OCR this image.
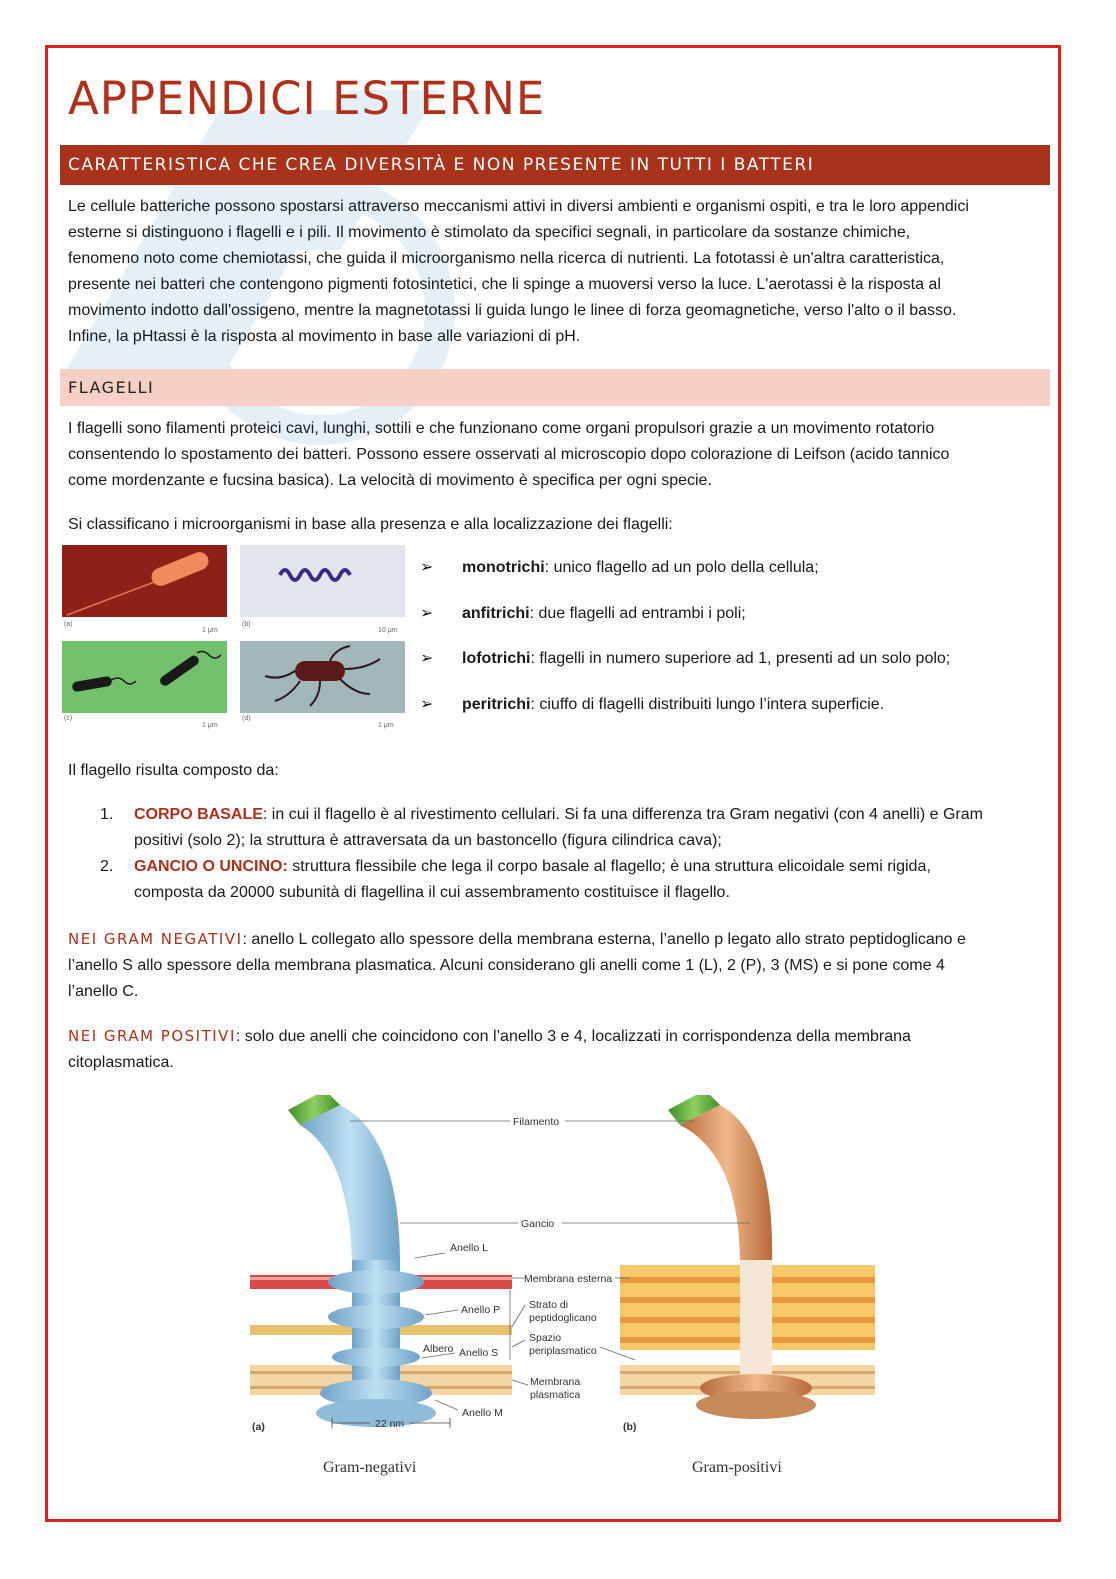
APPENDICI ESTERNE
CARATTERISTICA CHE CREA DIVERSITÀ E NON PRESENTE IN TUTTI I BATTERI

Le cellule batteriche possono spostarsi attraverso meccanismi attivi in diversi ambienti e organismi ospiti, e tra le loro appendici

esterne si distinguono i flagelli e i pili. Il movimento è stimolato da specifici segnali, in particolare da sostanze chimiche,

fenomeno noto come chemiotassi, che guida il microorganismo nella ricerca di nutrienti. La fototassi è un'altra caratteristica,

presente nei batteri che contengono pigmenti fotosintetici, che li spinge a muoversi verso la luce. L'aerotassi è la risposta al

movimento indotto dall'ossigeno, mentre la magnetotassi li guida lungo le linee di forza geomagnetiche, verso l'alto o il basso.

Infine, la pHtassi è la risposta al movimento in base alle variazioni di pH.

FLAGELLI

I flagelli sono filamenti proteici cavi, lunghi, sottili e che funzionano come organi propulsori grazie a un movimento rotatorio

consentendo lo spostamento dei batteri. Possono essere osservati al microscopio dopo colorazione di Leifson (acido tannico

come mordenzante e fucsina basica). La velocità di movimento è specifica per ogni specie.

Si classificano i microorganismi in base alla presenza e alla localizzazione dei flagelli:

(a)
1 μm
(b)
10 μm
(c)
1 μm
(d)
1 μm
➢ monotrichi: unico flagello ad un polo della cellula;
➢ anfitrichi: due flagelli ad entrambi i poli;
➢ lofotrichi: flagelli in numero superiore ad 1, presenti ad un solo polo;
➢ peritrichi: ciuffo di flagelli distribuiti lungo l’intera superficie.

Il flagello risulta composto da:

1. CORPO BASALE: in cui il flagello è al rivestimento cellulari. Si fa una differenza tra Gram negativi (con 4 anelli) e Gram
positivi (solo 2); la struttura è attraversata da un bastoncello (figura cilindrica cava);
2. GANCIO O UNCINO: struttura flessibile che lega il corpo basale al flagello; è una struttura elicoidale semi rigida,
composta da 20000 subunità di flagellina il cui assembramento costituisce il flagello.
NEI GRAM NEGATIVI: anello L collegato allo spessore della membrana esterna, l’anello p legato allo strato peptidoglicano e
l’anello S allo spessore della membrana plasmatica. Alcuni considerano gli anelli come 1 (L), 2 (P), 3 (MS) e si pone come 4
l’anello C.
NEI GRAM POSITIVI: solo due anelli che coincidono con l’anello 3 e 4, localizzati in corrispondenza della membrana
citoplasmatica.
Filamento
Gancio
Anello L
Membrana esterna
Anello P	Strato di
peptidoglicano
Spazio
periplasmatico
Albero Anello S
Membrana
plasmatica
Anello M
(a)	(b)
22 nm
Gram-negativi	Gram-positivi
